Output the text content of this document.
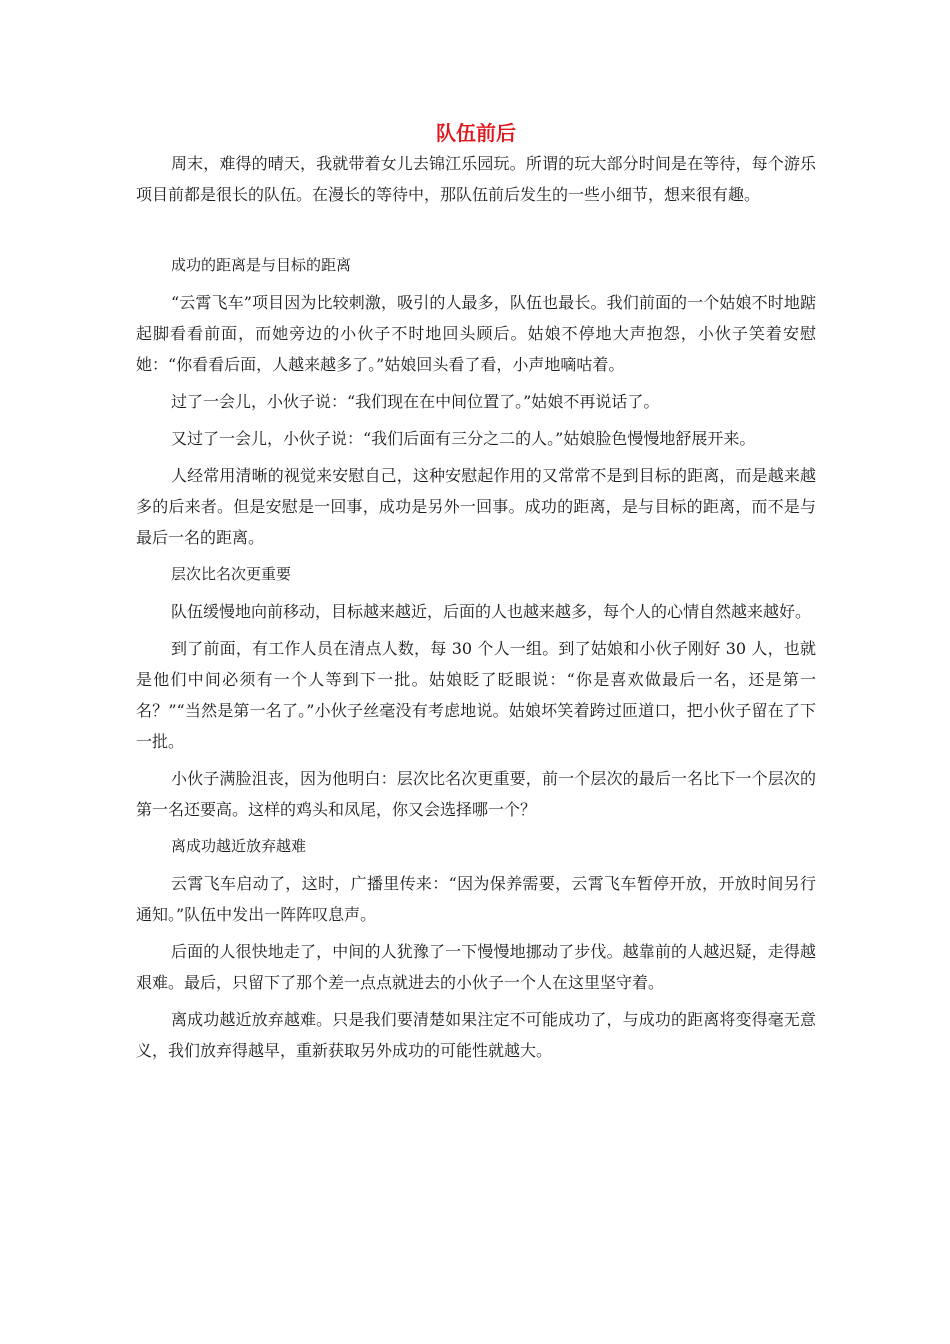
队伍前后

周末，难得的晴天，我就带着女儿去锦江乐园玩。所谓的玩大部分时间是在等待，每个游乐项目前都是很长的队伍。在漫长的等待中，那队伍前后发生的一些小细节，想来很有趣。

成功的距离是与目标的距离

“云霄飞车”项目因为比较刺激，吸引的人最多，队伍也最长。我们前面的一个姑娘不时地踮起脚看看前面，而她旁边的小伙子不时地回头顾后。姑娘不停地大声抱怨，小伙子笑着安慰她：“你看看后面，人越来越多了。”姑娘回头看了看，小声地嘀咕着。

过了一会儿，小伙子说：“我们现在在中间位置了。”姑娘不再说话了。

又过了一会儿，小伙子说：“我们后面有三分之二的人。”姑娘脸色慢慢地舒展开来。

人经常用清晰的视觉来安慰自己，这种安慰起作用的又常常不是到目标的距离，而是越来越多的后来者。但是安慰是一回事，成功是另外一回事。成功的距离，是与目标的距离，而不是与最后一名的距离。

层次比名次更重要

队伍缓慢地向前移动，目标越来越近，后面的人也越来越多，每个人的心情自然越来越好。

到了前面，有工作人员在清点人数，每 30 个人一组。到了姑娘和小伙子刚好 30 人，也就是他们中间必须有一个人等到下一批。姑娘眨了眨眼说：“你是喜欢做最后一名，还是第一名？”“当然是第一名了。”小伙子丝毫没有考虑地说。姑娘坏笑着跨过匝道口，把小伙子留在了下一批。

小伙子满脸沮丧，因为他明白：层次比名次更重要，前一个层次的最后一名比下一个层次的第一名还要高。这样的鸡头和凤尾，你又会选择哪一个？

离成功越近放弃越难

云霄飞车启动了，这时，广播里传来：“因为保养需要，云霄飞车暂停开放，开放时间另行通知。”队伍中发出一阵阵叹息声。

后面的人很快地走了，中间的人犹豫了一下慢慢地挪动了步伐。越靠前的人越迟疑，走得越艰难。最后，只留下了那个差一点点就进去的小伙子一个人在这里坚守着。

离成功越近放弃越难。只是我们要清楚如果注定不可能成功了，与成功的距离将变得毫无意义，我们放弃得越早，重新获取另外成功的可能性就越大。
